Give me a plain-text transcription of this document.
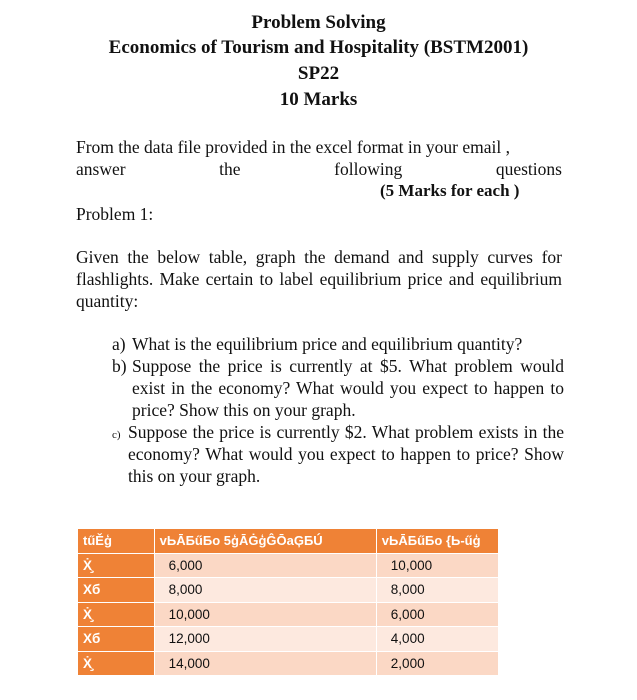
Problem Solving
Economics of Tourism and Hospitality (BSTM2001)
SP22
10 Marks
From the data file provided in the excel format in your email ,
answer	the	following	questions
(5 Marks for each )
Problem 1:
Given the below table, graph the demand and supply curves for flashlights. Make certain to label equilibrium price and equilibrium quantity:
a) What is the equilibrium price and equilibrium quantity?
b) Suppose the price is currently at $5. What problem would exist in the economy? What would you expect to happen to price? Show this on your graph.
c) Suppose the price is currently $2. What problem exists in the economy? What would you expect to happen to price? Show this on your graph.
tűĚģ	vЬĀБűБo 5ģĀĠģĜŌaĢБÚ	vЬĀБűБo {Ь-űģ
Ẋ̧	6,000	10,000
Xб	8,000	8,000
Ẋ̧	10,000	6,000
Xб	12,000	4,000
Ẋ̧	14,000	2,000
